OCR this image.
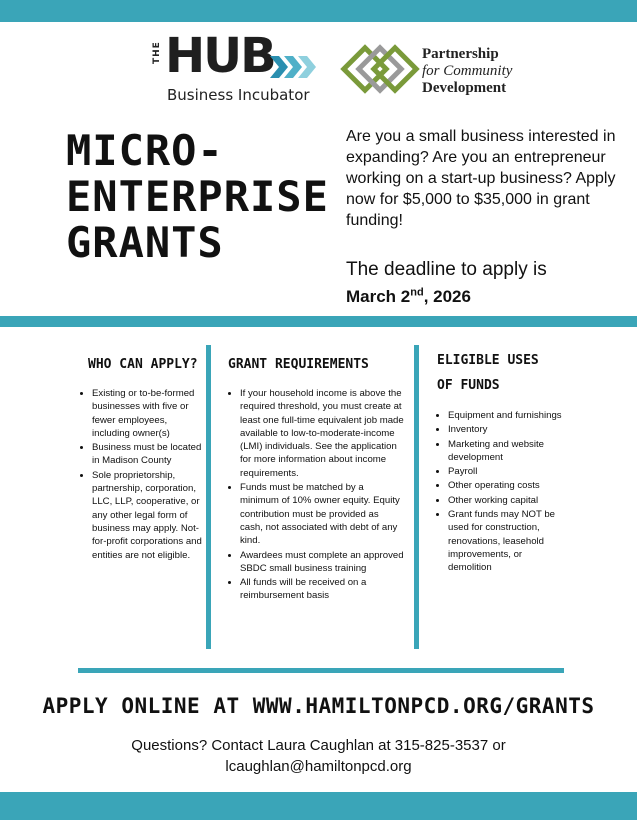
THE HUB
Business Incubator
Partnership
for Community
Development
MICRO-
ENTERPRISE
GRANTS
Are you a small business interested in expanding? Are you an entrepreneur working on a start-up business? Apply now for $5,000 to $35,000 in grant funding!
The deadline to apply is
March 2nd, 2026
WHO CAN APPLY?
• Existing or to-be-formed businesses with five or fewer employees, including owner(s)
• Business must be located in Madison County
• Sole proprietorship, partnership, corporation, LLC, LLP, cooperative, or any other legal form of business may apply. Not-for-profit corporations and entities are not eligible.
GRANT REQUIREMENTS
• If your household income is above the required threshold, you must create at least one full-time equivalent job made available to low-to-moderate-income (LMI) individuals. See the application for more information about income requirements.
• Funds must be matched by a minimum of 10% owner equity. Equity contribution must be provided as cash, not associated with debt of any kind.
• Awardees must complete an approved SBDC small business training
• All funds will be received on a reimbursement basis
ELIGIBLE USES
OF FUNDS
• Equipment and furnishings
• Inventory
• Marketing and website development
• Payroll
• Other operating costs
• Other working capital
• Grant funds may NOT be used for construction, renovations, leasehold improvements, or demolition
APPLY ONLINE AT WWW.HAMILTONPCD.ORG/GRANTS
Questions? Contact Laura Caughlan at 315-825-3537 or
lcaughlan@hamiltonpcd.org
